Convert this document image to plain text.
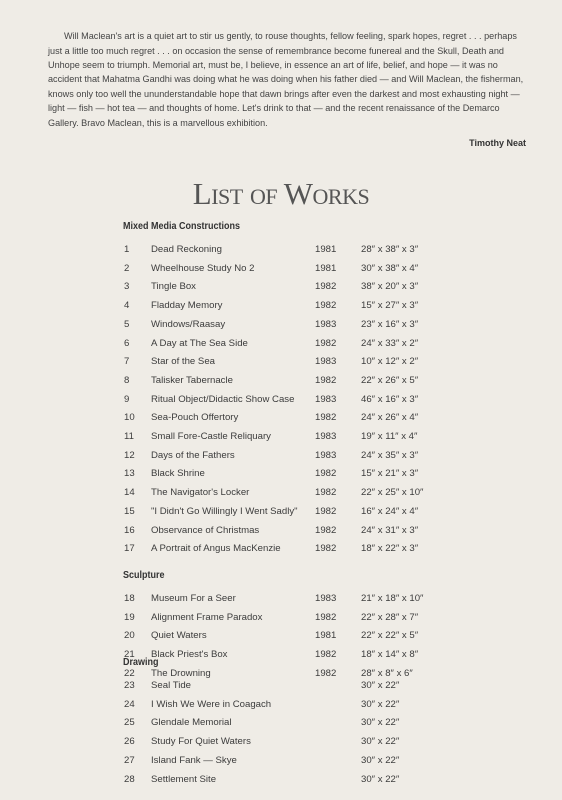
Will Maclean's art is a quiet art to stir us gently, to rouse thoughts, fellow feeling, spark hopes, regret . . . perhaps just a little too much regret . . . on occasion the sense of remembrance become funereal and the Skull, Death and Unhope seem to triumph. Memorial art, must be, I believe, in essence an art of life, belief, and hope — it was no accident that Mahatma Gandhi was doing what he was doing when his father died — and Will Maclean, the fisherman, knows only too well the ununderstandable hope that dawn brings after even the darkest and most exhausting night — light — fish — hot tea — and thoughts of home. Let's drink to that — and the recent renaissance of the Demarco Gallery. Bravo Maclean, this is a marvellous exhibition.

Timothy Neat
List of Works
Mixed Media Constructions
1 Dead Reckoning	1981	28″ x 38″ x 3″
2 Wheelhouse Study No 2	1981	30″ x 38″ x 4″
3 Tingle Box	1982	38″ x 20″ x 3″
4 Fladday Memory	1982	15″ x 27″ x 3″
5 Windows/Raasay	1983	23″ x 16″ x 3″
6 A Day at The Sea Side	1982	24″ x 33″ x 2″
7 Star of the Sea	1983	10″ x 12″ x 2″
8 Talisker Tabernacle	1982	22″ x 26″ x 5″
9 Ritual Object/Didactic Show Case 1983	46″ x 16″ x 3″
10 Sea-Pouch Offertory	1982	24″ x 26″ x 4″
11 Small Fore-Castle Reliquary	1983	19″ x 11″ x 4″
12 Days of the Fathers	1983	24″ x 35″ x 3″
13 Black Shrine	1982	15″ x 21″ x 3″
14 The Navigator's Locker	1982	22″ x 25″ x 10″
15 "I Didn't Go Willingly I Went Sadly" 1982	16″ x 24″ x 4″
16 Observance of Christmas	1982	24″ x 31″ x 3″
17 A Portrait of Angus MacKenzie	1982	18″ x 22″ x 3″
Sculpture
18 Museum For a Seer	1983	21″ x 18″ x 10″
19 Alignment Frame Paradox	1982	22″ x 28″ x 7″
20 Quiet Waters	1981	22″ x 22″ x 5″
21 Black Priest's Box	1982	18″ x 14″ x 8″
22 The Drowning	1982	28″ x 8″ x 6″
Drawing
23 Seal Tide	30″ x 22″
24 I Wish We Were in Coagach	30″ x 22″
25 Glendale Memorial	30″ x 22″
26 Study For Quiet Waters	30″ x 22″
27 Island Fank — Skye	30″ x 22″
28 Settlement Site	30″ x 22″
